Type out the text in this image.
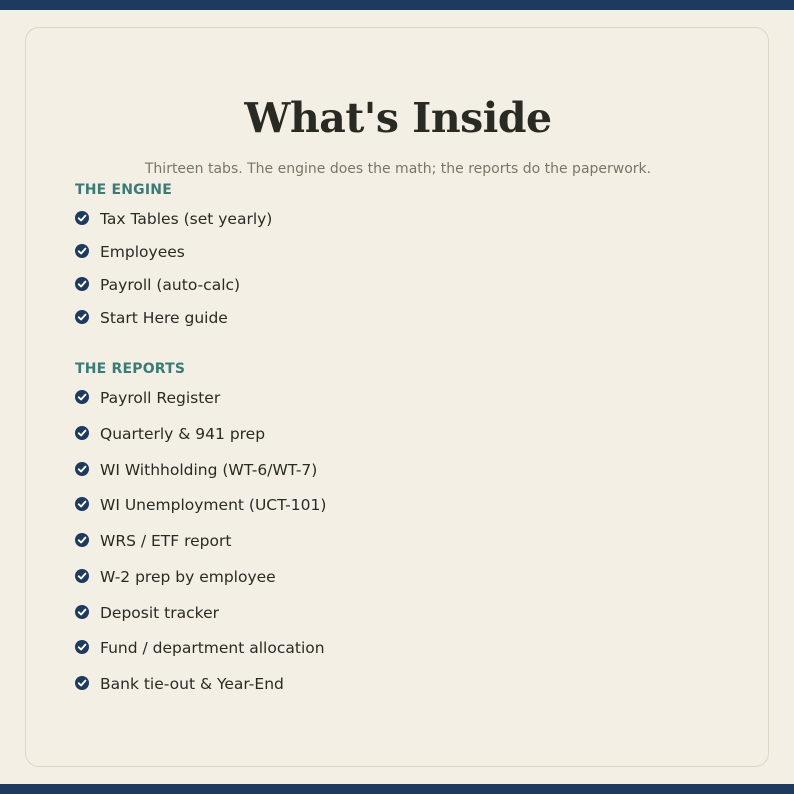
What's Inside
Thirteen tabs. The engine does the math; the reports do the paperwork.
THE ENGINE
Tax Tables (set yearly)
Employees
Payroll (auto-calc)
Start Here guide
THE REPORTS
Payroll Register
Quarterly & 941 prep
WI Withholding (WT-6/WT-7)
WI Unemployment (UCT-101)
WRS / ETF report
W-2 prep by employee
Deposit tracker
Fund / department allocation
Bank tie-out & Year-End
